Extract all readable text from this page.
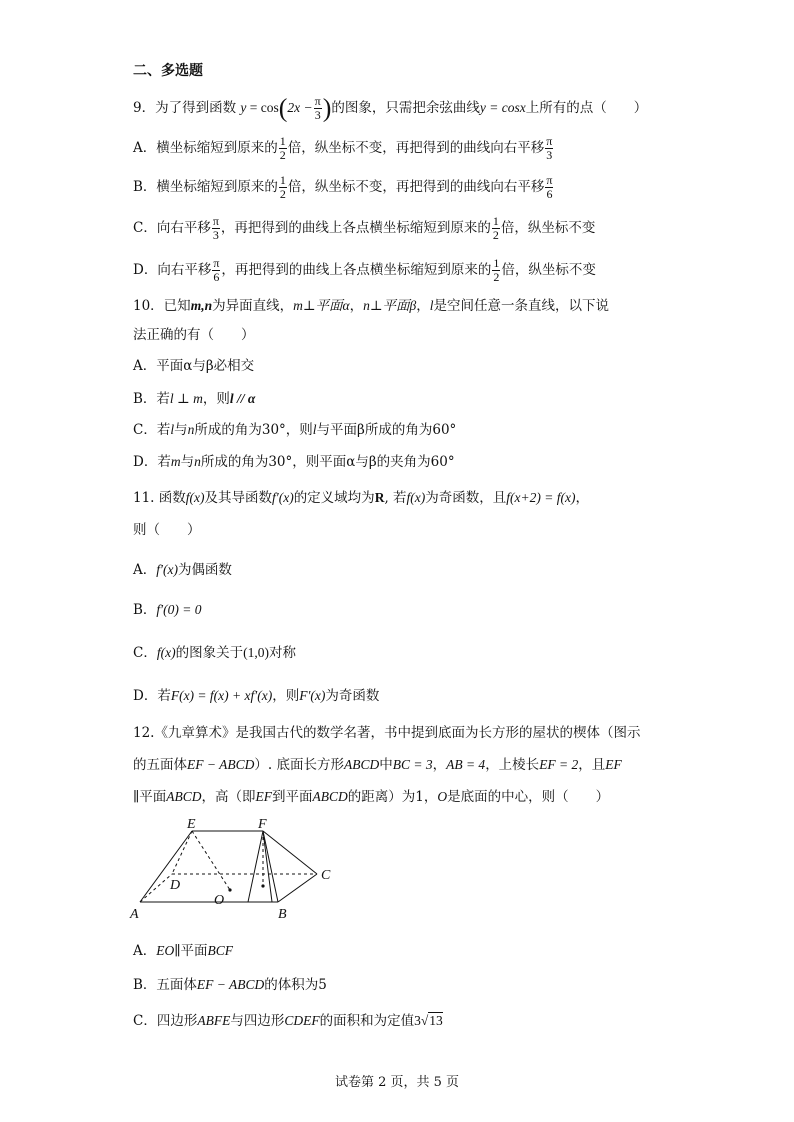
二、多选题
9．为了得到函数 $y = \cos(2x - \frac{\pi}{3}$ )的图象，只需把余弦曲线y = cosx上所有的点（　　）
A．横坐标缩短到原来的 $\frac{1}{2}$ 倍，纵坐标不变，再把得到的曲线向右平移 $\frac{\pi}{3}$
B．横坐标缩短到原来的 $\frac{1}{2}$ 倍，纵坐标不变，再把得到的曲线向右平移 $\frac{\pi}{6}$
C．向右平移 $\frac{\pi}{3}$ ，再把得到的曲线上各点横坐标缩短到原来的 $\frac{1}{2}$ 倍，纵坐标不变
D．向右平移 $\frac{\pi}{6}$ ，再把得到的曲线上各点横坐标缩短到原来的 $\frac{1}{2}$ 倍，纵坐标不变
10．已知m,n为异面直线，m⊥平面α，n⊥平面β，l是空间任意一条直线，以下说
法正确的有（　　）
A．平面α与β必相交
B．若l ⊥ m，则l // α
C．若l与n所成的角为30°，则l与平面β所成的角为60°
D．若m与n所成的角为30°，则平面α与β的夹角为60°
11. 函数f(x)及其导函数f′(x)的定义域均为R, 若f(x)为奇函数，且f(x+2) = f(x)，
则（　　）
A．f′(x)为偶函数
B．f′(0) = 0
C．f(x)的图象关于(1,0)对称
D．若F(x) = f(x) + xf′(x)，则F′(x)为奇函数
12.《九章算术》是我国古代的数学名著，书中提到底面为长方形的屋状的楔体（图示
的五面体EF − ABCD）. 底面长方形ABCD中BC = 3，AB = 4，上棱长EF = 2，且EF
∥平面ABCD，高（即EF到平面ABCD的距离）为1，O是底面的中心，则（　　）
E	F
D
O
C
A	B
A．EO∥平面BCF
B．五面体EF − ABCD的体积为5
C．四边形ABFE与四边形CDEF的面积和为定值3√13
试卷第 2 页，共 5 页
